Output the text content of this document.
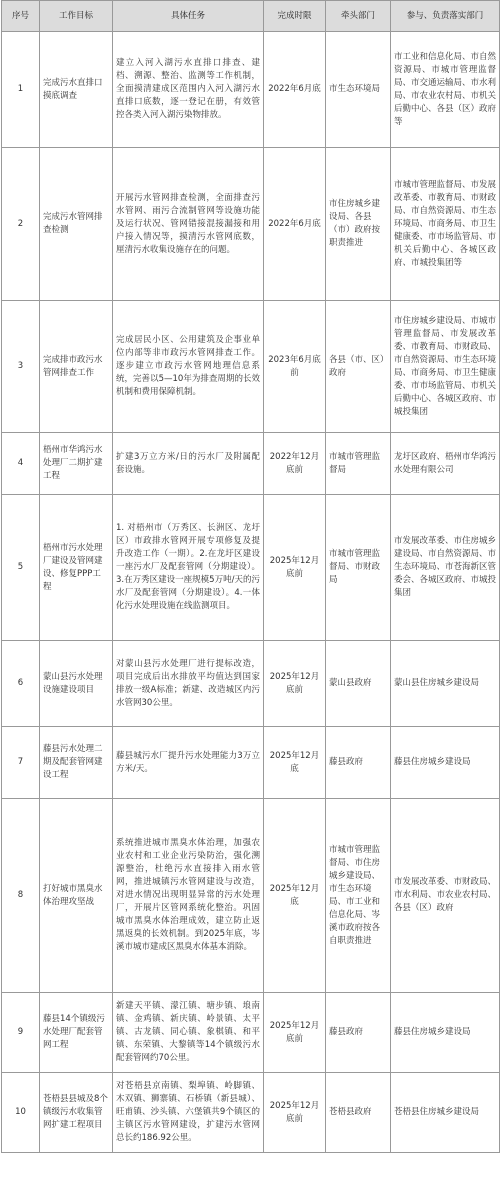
序号	工作目标	具体任务	完成时限	牵头部门	参与、负责落实部门
1	完成污水直排口摸底调查	建立入河入湖污水直排口排查、建档、溯源、整治、监测等工作机制，全面摸清建成区范围内入河入湖污水直排口底数，逐一登记在册，有效管控各类入河入湖污染物排放。	2022年6月底	市生态环境局	市工业和信息化局、市自然资源局、市城市管理监督局、市交通运输局、市水利局、市农业农村局、市机关后勤中心、各县（区）政府等
2	完成污水管网排查检测	开展污水管网排查检测，全面排查污水管网、雨污合流制管网等设施功能及运行状况、管网错接混接漏接和用户接入情况等，摸清污水管网底数，厘清污水收集设施存在的问题。	2022年6月底	市住房城乡建设局、各县（市）政府按职责推进	市城市管理监督局、市发展改革委、市教育局、市财政局、市自然资源局、市生态环境局、市商务局、市卫生健康委、市市场监管局、市机关后勤中心、各城区政府、市城投集团等
3	完成排市政污水管网排查工作	完成居民小区、公用建筑及企事业单位内部等非市政污水管网排查工作。逐步建立市政污水管网地理信息系统，完善以5—10年为排查周期的长效机制和费用保障机制。	2023年6月底前	各县（市、区）政府	市住房城乡建设局、市城市管理监督局、市发展改革委、市教育局、市财政局、市自然资源局、市生态环境局、市商务局、市卫生健康委、市市场监管局、市机关后勤中心、各城区政府、市城投集团
4	梧州市华鸿污水处理厂二期扩建工程	扩建3万立方米/日的污水厂及附属配套设施。	2022年12月底前	市城市管理监督局	龙圩区政府、梧州市华鸿污水处理有限公司
5	梧州市污水处理厂建设及管网建设、修复PPP工程	1. 对梧州市（万秀区、长洲区、龙圩区）市政排水管网开展专项修复及提升改造工作（一期）。2.在龙圩区建设一座污水厂及配套管网（分期建设）。3.在万秀区建设一座规模5万吨/天的污水厂及配套管网（分期建设）。4.一体化污水处理设施在线监测项目。	2025年12月底前	市城市管理监督局、市财政局	市发展改革委、市住房城乡建设局、市自然资源局、市生态环境局、市苍海新区管委会、各城区政府、市城投集团
6	蒙山县污水处理设施建设项目	对蒙山县污水处理厂进行提标改造，项目完成后出水排放平均值达到国家排放一级A标准；新建、改造城区内污水管网30公里。	2025年12月底前	蒙山县政府	蒙山县住房城乡建设局
7	藤县污水处理二期及配套管网建设工程	藤县城污水厂提升污水处理能力3万立方米/天。	2025年12月底	藤县政府	藤县住房城乡建设局
8	打好城市黑臭水体治理攻坚战	系统推进城市黑臭水体治理，加强农业农村和工业企业污染防治，强化溯源整治，杜绝污水直接排入雨水管网，推进城镇污水管网建设与改造，对进水情况出现明显异常的污水处理厂，开展片区管网系统化整治。巩固城市黑臭水体治理成效，建立防止返黑返臭的长效机制。到2025年底，岑溪市城市建成区黑臭水体基本消除。	2025年12月底	市城市管理监督局、市住房城乡建设局、市生态环境局、市工业和信息化局、岑溪市政府按各自职责推进	市发展改革委、市财政局、市水利局、市农业农村局、各县（区）政府
9	藤县14个镇级污水处理厂配套管网工程	新建天平镇、濛江镇、塘步镇、埌南镇、金鸡镇、新庆镇、岭景镇、太平镇、古龙镇、同心镇、象棋镇、和平镇、东荣镇、大黎镇等14个镇级污水配套管网约70公里。	2025年12月底前	藤县政府	藤县住房城乡建设局
10	苍梧县县城及8个镇级污水收集管网扩建工程项目	对苍梧县京南镇、梨埠镇、岭脚镇、木双镇、狮寨镇、石桥镇（新县城）、旺甫镇、沙头镇、六堡镇共9个镇区的主镇区污水管网建设，扩建污水管网总长约186.92公里。	2025年12月底前	苍梧县政府	苍梧县住房城乡建设局
